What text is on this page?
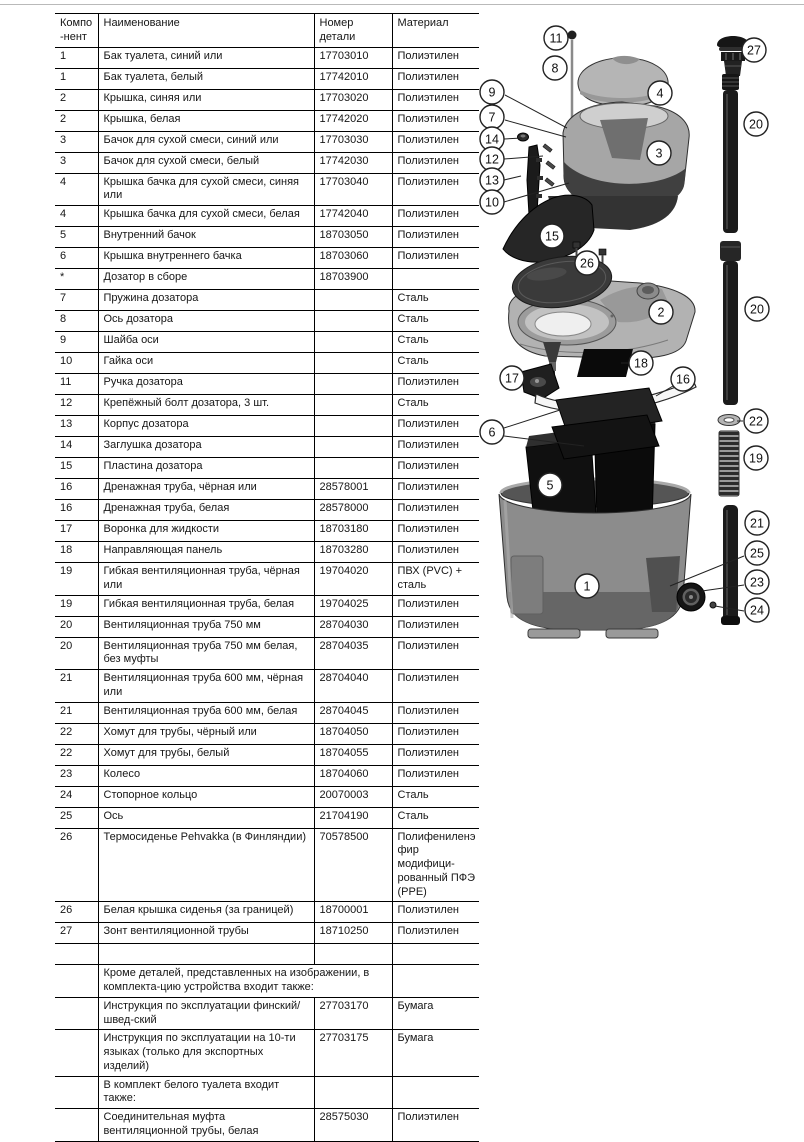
Компо-нент	Наименование	Номер детали	Материал
1	Бак туалета, синий или	17703010	Полиэтилен
1	Бак туалета, белый	17742010	Полиэтилен
2	Крышка, синяя или	17703020	Полиэтилен
2	Крышка, белая	17742020	Полиэтилен
3	Бачок для сухой смеси, синий или	17703030	Полиэтилен
3	Бачок для сухой смеси, белый	17742030	Полиэтилен
4	Крышка бачка для сухой смеси, синяя или	17703040	Полиэтилен
4	Крышка бачка для сухой смеси, белая	17742040	Полиэтилен
5	Внутренний бачок	18703050	Полиэтилен
6	Крышка внутреннего бачка	18703060	Полиэтилен
*	Дозатор в сборе	18703900	
7	Пружина дозатора		Сталь
8	Ось дозатора		Сталь
9	Шайба оси		Сталь
10	Гайка оси		Сталь
11	Ручка дозатора		Полиэтилен
12	Крепёжный болт дозатора, 3 шт.		Сталь
13	Корпус дозатора		Полиэтилен
14	Заглушка дозатора		Полиэтилен
15	Пластина дозатора		Полиэтилен
16	Дренажная труба, чёрная или	28578001	Полиэтилен
16	Дренажная труба, белая	28578000	Полиэтилен
17	Воронка для жидкости	18703180	Полиэтилен
18	Направляющая панель	18703280	Полиэтилен
19	Гибкая вентиляционная труба, чёрная или	19704020	ПВХ (PVC) + сталь
19	Гибкая вентиляционная труба, белая	19704025	Полиэтилен
20	Вентиляционная труба 750 мм	28704030	Полиэтилен
20	Вентиляционная труба 750 мм белая, без муфты	28704035	Полиэтилен
21	Вентиляционная труба 600 мм, чёрная или	28704040	Полиэтилен
21	Вентиляционная труба 600 мм, белая	28704045	Полиэтилен
22	Хомут для трубы, чёрный или	18704050	Полиэтилен
22	Хомут для трубы, белый	18704055	Полиэтилен
23	Колесо	18704060	Полиэтилен
24	Стопорное кольцо	20070003	Сталь
25	Ось	21704190	Сталь
26	Термосиденье Pehvakka (в Финляндии)	70578500	Полифениленэфир модифици-рованный ПФЭ (PPE)
26	Белая крышка сиденья (за границей)	18700001	Полиэтилен
27	Зонт вентиляционной трубы	18710250	Полиэтилен

	Кроме деталей, представленных на изображении, в комплекта-цию устройства входит также:		
	Инструкция по эксплуатации финский/швед-ский	27703170	Бумага
	Инструкция по эксплуатации на 10-ти языках (только для экспортных изделий)	27703175	Бумага
	В комплект белого туалета входит также:		
	Соединительная муфта вентиляционной трубы, белая	28575030	Полиэтилен
11
8
9
7
14
12
13
10
4
3
27
20
15
26
2	20
18
17	16
22
6
19
5
21
25
1	23
24
